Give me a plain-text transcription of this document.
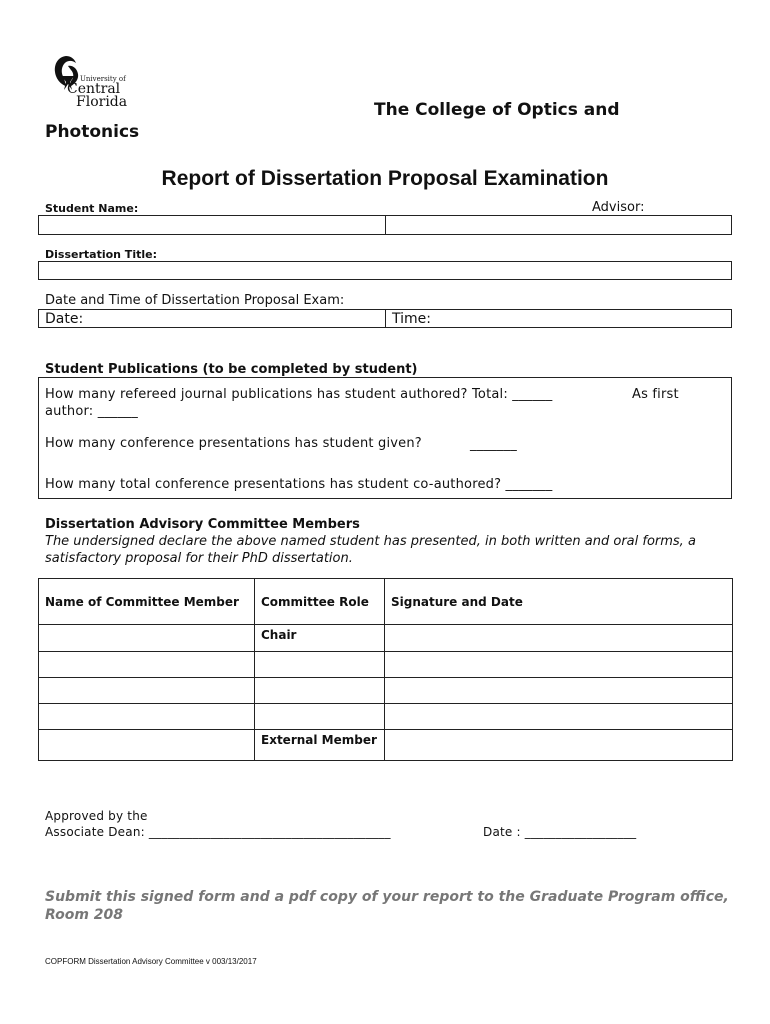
University of
Central
Florida	The College of Optics and
Photonics
Report of Dissertation Proposal Examination
Student Name:	Advisor:
Dissertation Title:
Date and Time of Dissertation Proposal Exam:
Date:	Time:
Student Publications (to be completed by student)
How many refereed journal publications has student authored? Total: ______	As first
author: ______
How many conference presentations has student given?	_______
How many total conference presentations has student co-authored? _______
Dissertation Advisory Committee Members
The undersigned declare the above named student has presented, in both written and oral forms, a satisfactory proposal for their PhD dissertation.
Name of Committee Member	Committee Role	Signature and Date
	Chair	

	External Member	
Approved by the
Associate Dean: _______________________________________	Date : __________________
Submit this signed form and a pdf copy of your report to the Graduate Program office, Room 208
COPFORM Dissertation Advisory Committee v 003/13/2017
